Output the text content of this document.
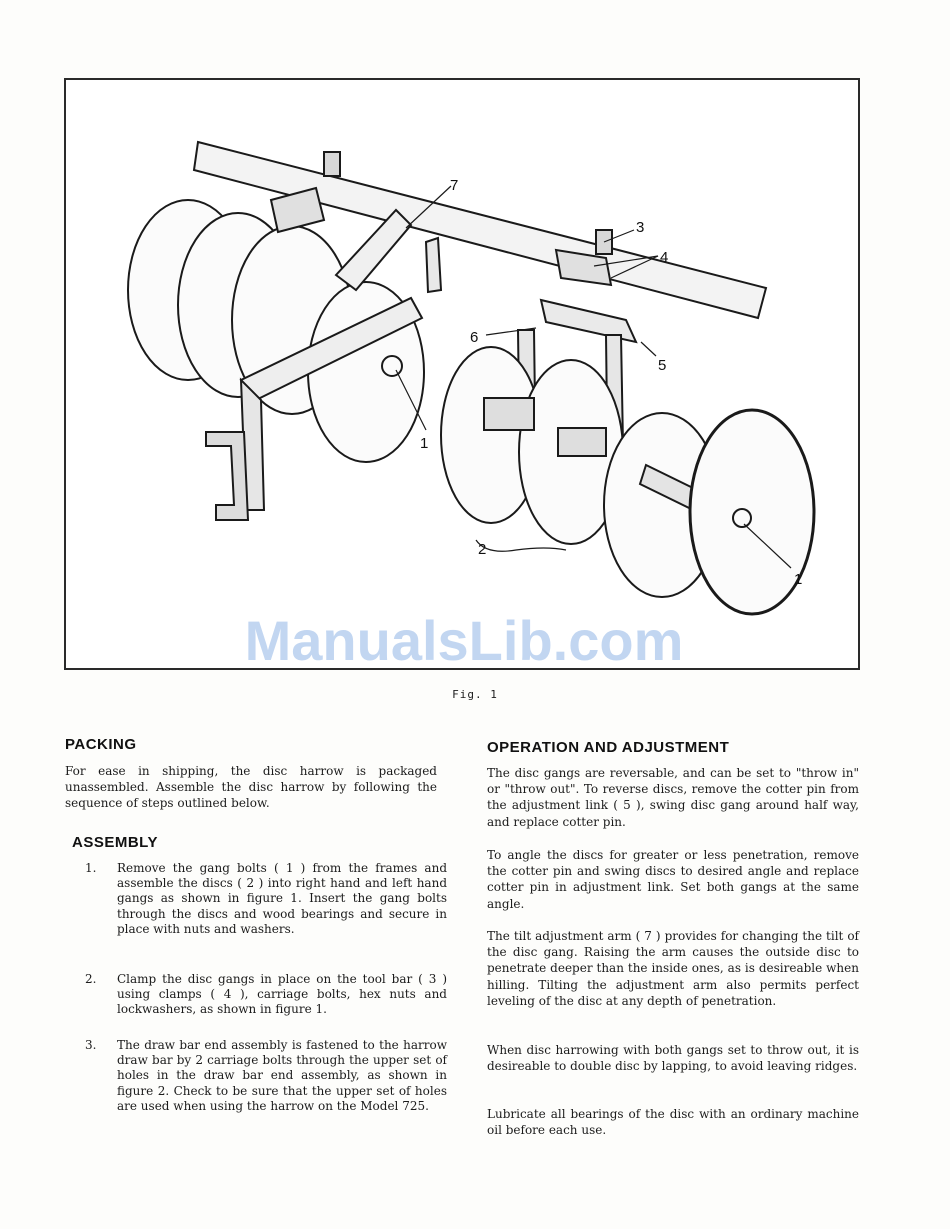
1
1
2
3
4
5
6
7
ManualsLib.com
Fig. 1
PACKING
For ease in shipping, the disc harrow is packaged unassembled. Assemble the disc harrow by following the sequence of steps outlined below.
ASSEMBLY
1. Remove the gang bolts ( 1 ) from the frames and assemble the discs ( 2 ) into right hand and left hand gangs as shown in figure 1. Insert the gang bolts through the discs and wood bearings and secure in place with nuts and washers.
2. Clamp the disc gangs in place on the tool bar ( 3 ) using clamps ( 4 ), carriage bolts, hex nuts and lockwashers, as shown in figure 1.
3. The draw bar end assembly is fastened to the harrow draw bar by 2 carriage bolts through the upper set of holes in the draw bar end assembly, as shown in figure 2. Check to be sure that the upper set of holes are used when using the harrow on the Model 725.
OPERATION AND ADJUSTMENT
The disc gangs are reversable, and can be set to "throw in" or "throw out". To reverse discs, remove the cotter pin from the adjustment link ( 5 ), swing disc gang around half way, and replace cotter pin.
To angle the discs for greater or less penetration, remove the cotter pin and swing discs to desired angle and replace cotter pin in adjustment link. Set both gangs at the same angle.
The tilt adjustment arm ( 7 ) provides for changing the tilt of the disc gang. Raising the arm causes the outside disc to penetrate deeper than the inside ones, as is desireable when hilling. Tilting the adjustment arm also permits perfect leveling of the disc at any depth of penetration.
When disc harrowing with both gangs set to throw out, it is desireable to double disc by lapping, to avoid leaving ridges.
Lubricate all bearings of the disc with an ordinary machine oil before each use.
